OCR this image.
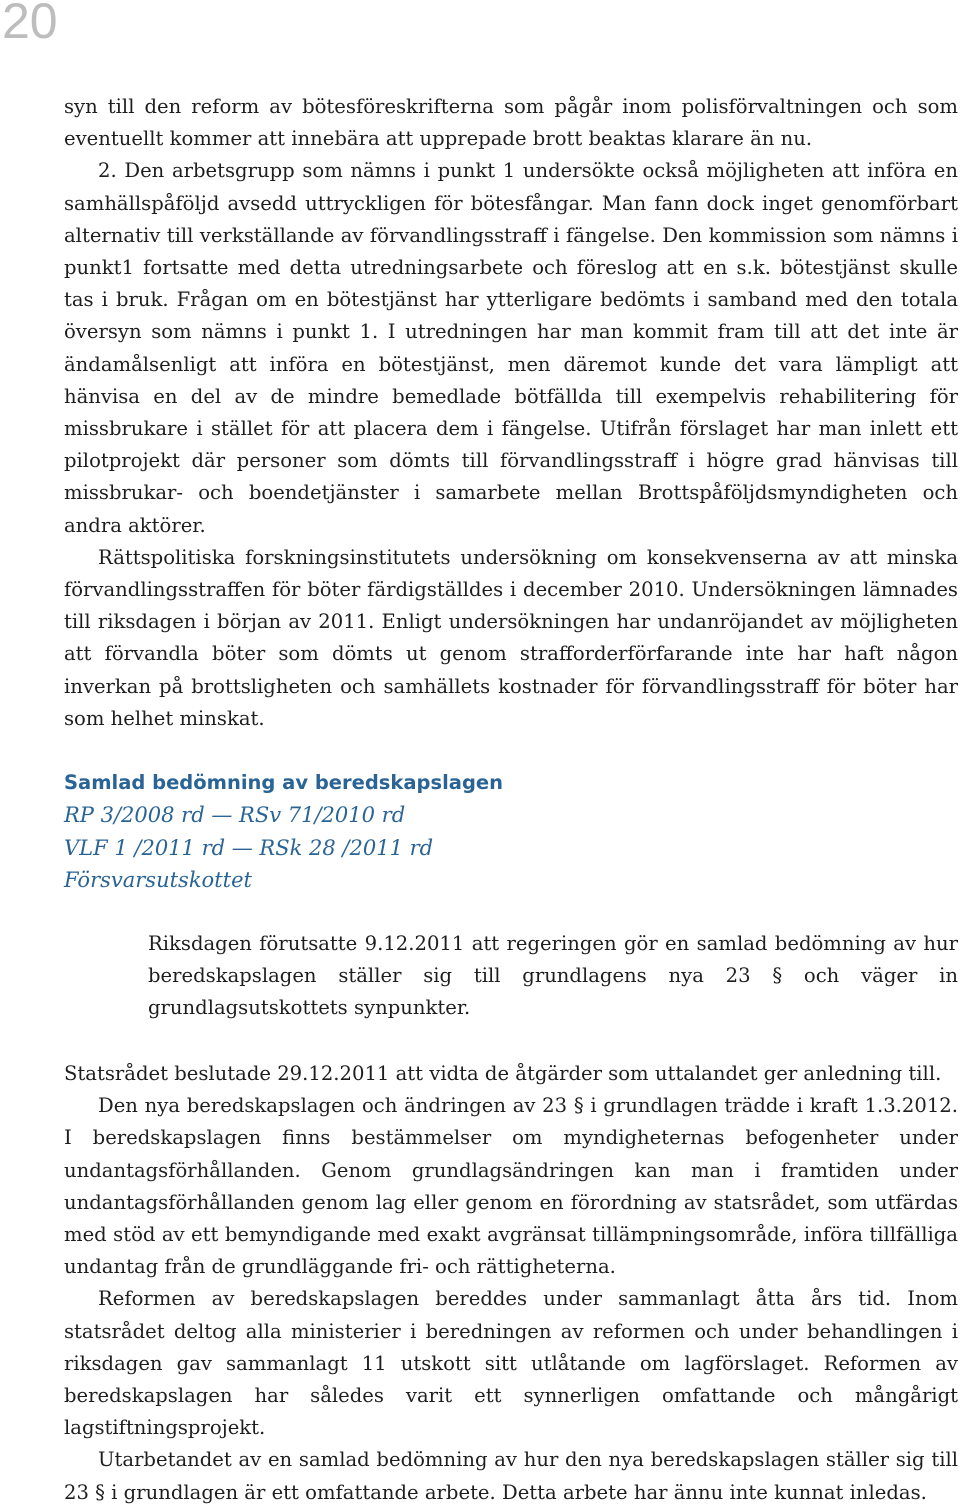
20

syn till den reform av bötesföreskrifterna som pågår inom polisförvaltningen och som eventuellt kommer att innebära att upprepade brott beaktas klarare än nu.

2. Den arbetsgrupp som nämns i punkt 1 undersökte också möjligheten att införa en samhällspåföljd avsedd uttryckligen för bötesfångar. Man fann dock inget genomförbart alternativ till verkställande av förvandlingsstraff i fängelse. Den kommission som nämns i punkt1 fortsatte med detta utredningsarbete och föreslog att en s.k. bötestjänst skulle tas i bruk. Frågan om en bötestjänst har ytterligare bedömts i samband med den totala översyn som nämns i punkt 1. I utredningen har man kommit fram till att det inte är ändamålsenligt att införa en bötestjänst, men däremot kunde det vara lämpligt att hänvisa en del av de mindre bemedlade bötfällda till exempelvis rehabilitering för missbrukare i stället för att placera dem i fängelse. Utifrån förslaget har man inlett ett pilotprojekt där personer som dömts till förvandlingsstraff i högre grad hänvisas till missbrukar- och boendetjänster i samarbete mellan Brottspåföljdsmyndigheten och andra aktörer.

Rättspolitiska forskningsinstitutets undersökning om konsekvenserna av att minska förvandlingsstraffen för böter färdigställdes i december 2010. Undersökningen lämnades till riksdagen i början av 2011. Enligt undersökningen har undanröjandet av möjligheten att förvandla böter som dömts ut genom strafforderförfarande inte har haft någon inverkan på brottsligheten och samhällets kostnader för förvandlingsstraff för böter har som helhet minskat.

Samlad bedömning av beredskapslagen

RP 3/2008 rd — RSv 71/2010 rd

VLF 1 /2011 rd — RSk 28 /2011 rd

Försvarsutskottet

Riksdagen förutsatte 9.12.2011 att regeringen gör en samlad bedömning av hur beredskapslagen ställer sig till grundlagens nya 23 § och väger in grundlagsutskottets synpunkter.

Statsrådet beslutade 29.12.2011 att vidta de åtgärder som uttalandet ger anledning till.

Den nya beredskapslagen och ändringen av 23 § i grundlagen trädde i kraft 1.3.2012. I beredskapslagen finns bestämmelser om myndigheternas befogenheter under undantagsförhållanden. Genom grundlagsändringen kan man i framtiden under undantagsförhållanden genom lag eller genom en förordning av statsrådet, som utfärdas med stöd av ett bemyndigande med exakt avgränsat tillämpningsområde, införa tillfälliga undantag från de grundläggande fri- och rättigheterna.

Reformen av beredskapslagen bereddes under sammanlagt åtta års tid. Inom statsrådet deltog alla ministerier i beredningen av reformen och under behandlingen i riksdagen gav sammanlagt 11 utskott sitt utlåtande om lagförslaget. Reformen av beredskapslagen har således varit ett synnerligen omfattande och mångårigt lagstiftningsprojekt.

Utarbetandet av en samlad bedömning av hur den nya beredskapslagen ställer sig till 23 § i grundlagen är ett omfattande arbete. Detta arbete har ännu inte kunnat inledas.
